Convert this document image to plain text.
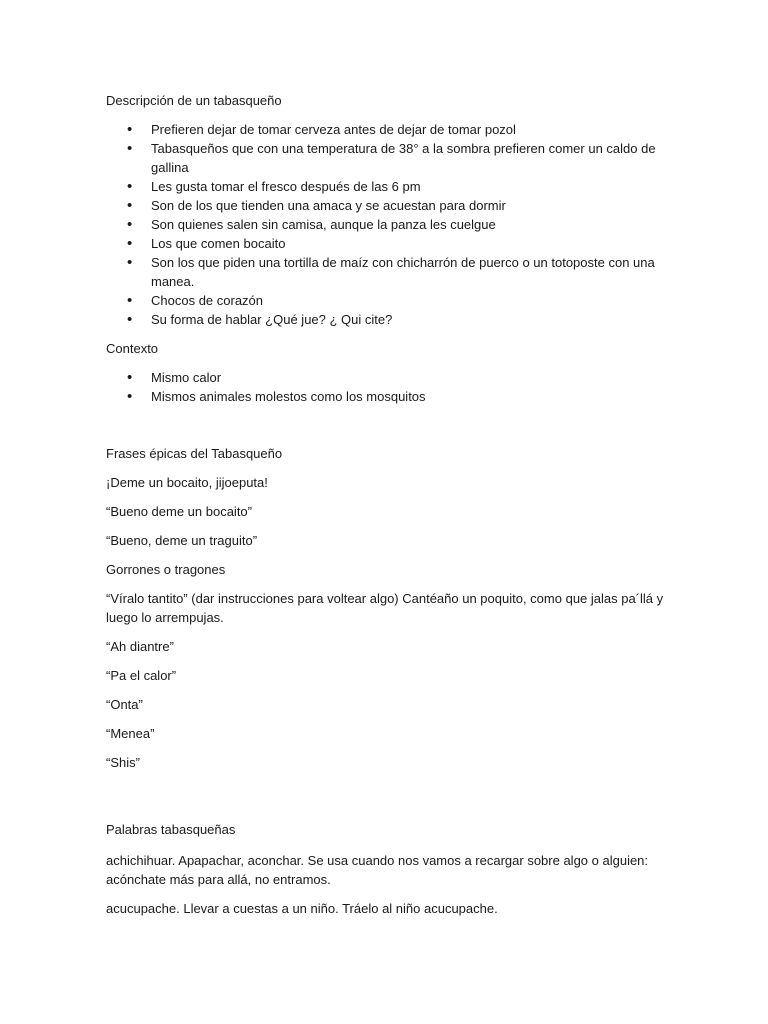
Descripción de un tabasqueño

• Prefieren dejar de tomar cerveza antes de dejar de tomar pozol
• Tabasqueños que con una temperatura de 38° a la sombra prefieren comer un caldo de gallina
• Les gusta tomar el fresco después de las 6 pm
• Son de los que tienden una amaca y se acuestan para dormir
• Son quienes salen sin camisa, aunque la panza les cuelgue
• Los que comen bocaito
• Son los que piden una tortilla de maíz con chicharrón de puerco o un totoposte con una manea.
• Chocos de corazón
• Su forma de hablar ¿Qué jue? ¿ Qui cite?

Contexto

• Mismo calor
• Mismos animales molestos como los mosquitos

Frases épicas del Tabasqueño

¡Deme un bocaito, jijoeputa!

“Bueno deme un bocaito”

“Bueno, deme un traguito”

Gorrones o tragones

“Víralo tantito” (dar instrucciones para voltear algo) Cantéaño un poquito, como que jalas pa´llá y luego lo arrempujas.

“Ah diantre”

“Pa el calor”

“Onta”

“Menea”

“Shis”

Palabras tabasqueñas

achichihuar. Apapachar, aconchar. Se usa cuando nos vamos a recargar sobre algo o alguien: acónchate más para allá, no entramos.

acucupache. Llevar a cuestas a un niño. Tráelo al niño acucupache.
